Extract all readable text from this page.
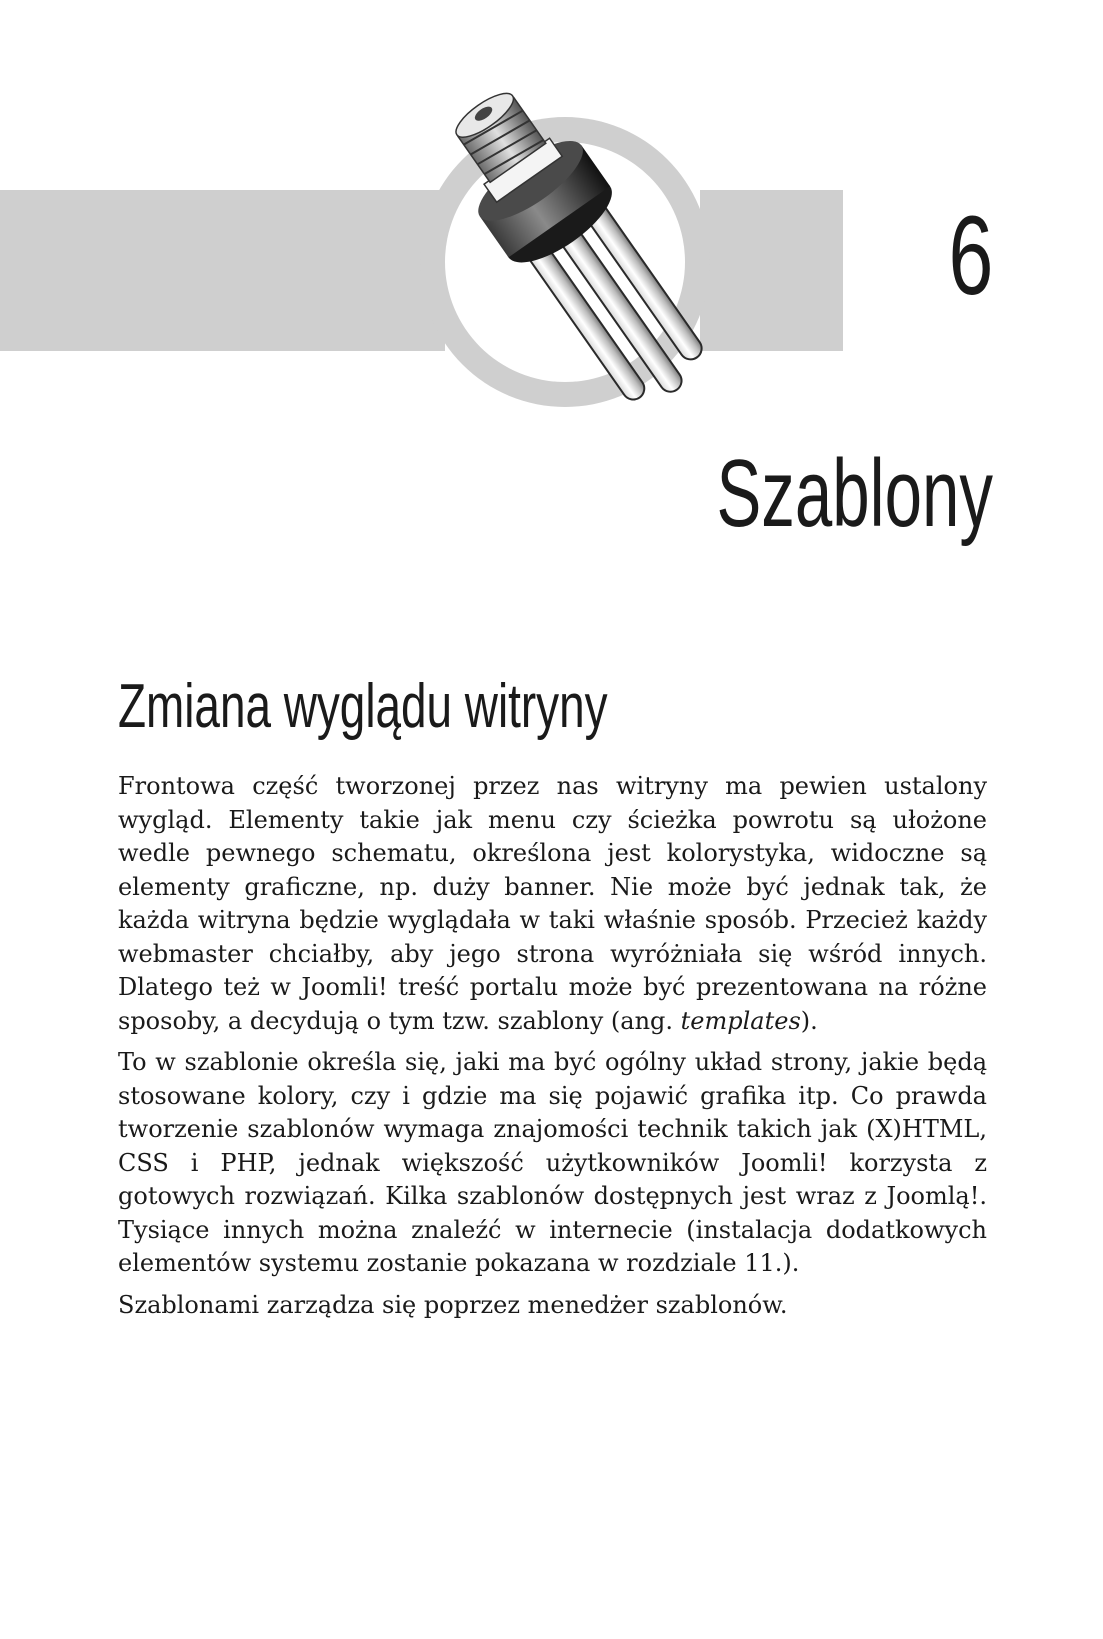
6
Szablony
Zmiana wyglądu witryny

Frontowa część tworzonej przez nas witryny ma pewien ustalony wygląd. Elementy takie jak menu czy ścieżka powrotu są ułożone wedle pewnego schematu, określona jest kolorystyka, widoczne są elementy graficzne, np. duży banner. Nie może być jednak tak, że każda witryna będzie wyglądała w taki właśnie sposób. Przecież każdy webmaster chciałby, aby jego strona wyróżniała się wśród innych. Dlatego też w Joomli! treść portalu może być prezentowana na różne sposoby, a decydują o tym tzw. szablony (ang. templates).

To w szablonie określa się, jaki ma być ogólny układ strony, jakie będą stosowane kolory, czy i gdzie ma się pojawić grafika itp. Co prawda tworzenie szablonów wymaga znajomości technik takich jak (X)HTML, CSS i PHP, jednak większość użytkowników Joomli! korzysta z gotowych rozwiązań. Kilka szablonów dostępnych jest wraz z Joomlą!. Tysiące innych można znaleźć w internecie (instalacja dodatkowych elementów systemu zostanie pokazana w rozdziale 11.).

Szablonami zarządza się poprzez menedżer szablonów.
